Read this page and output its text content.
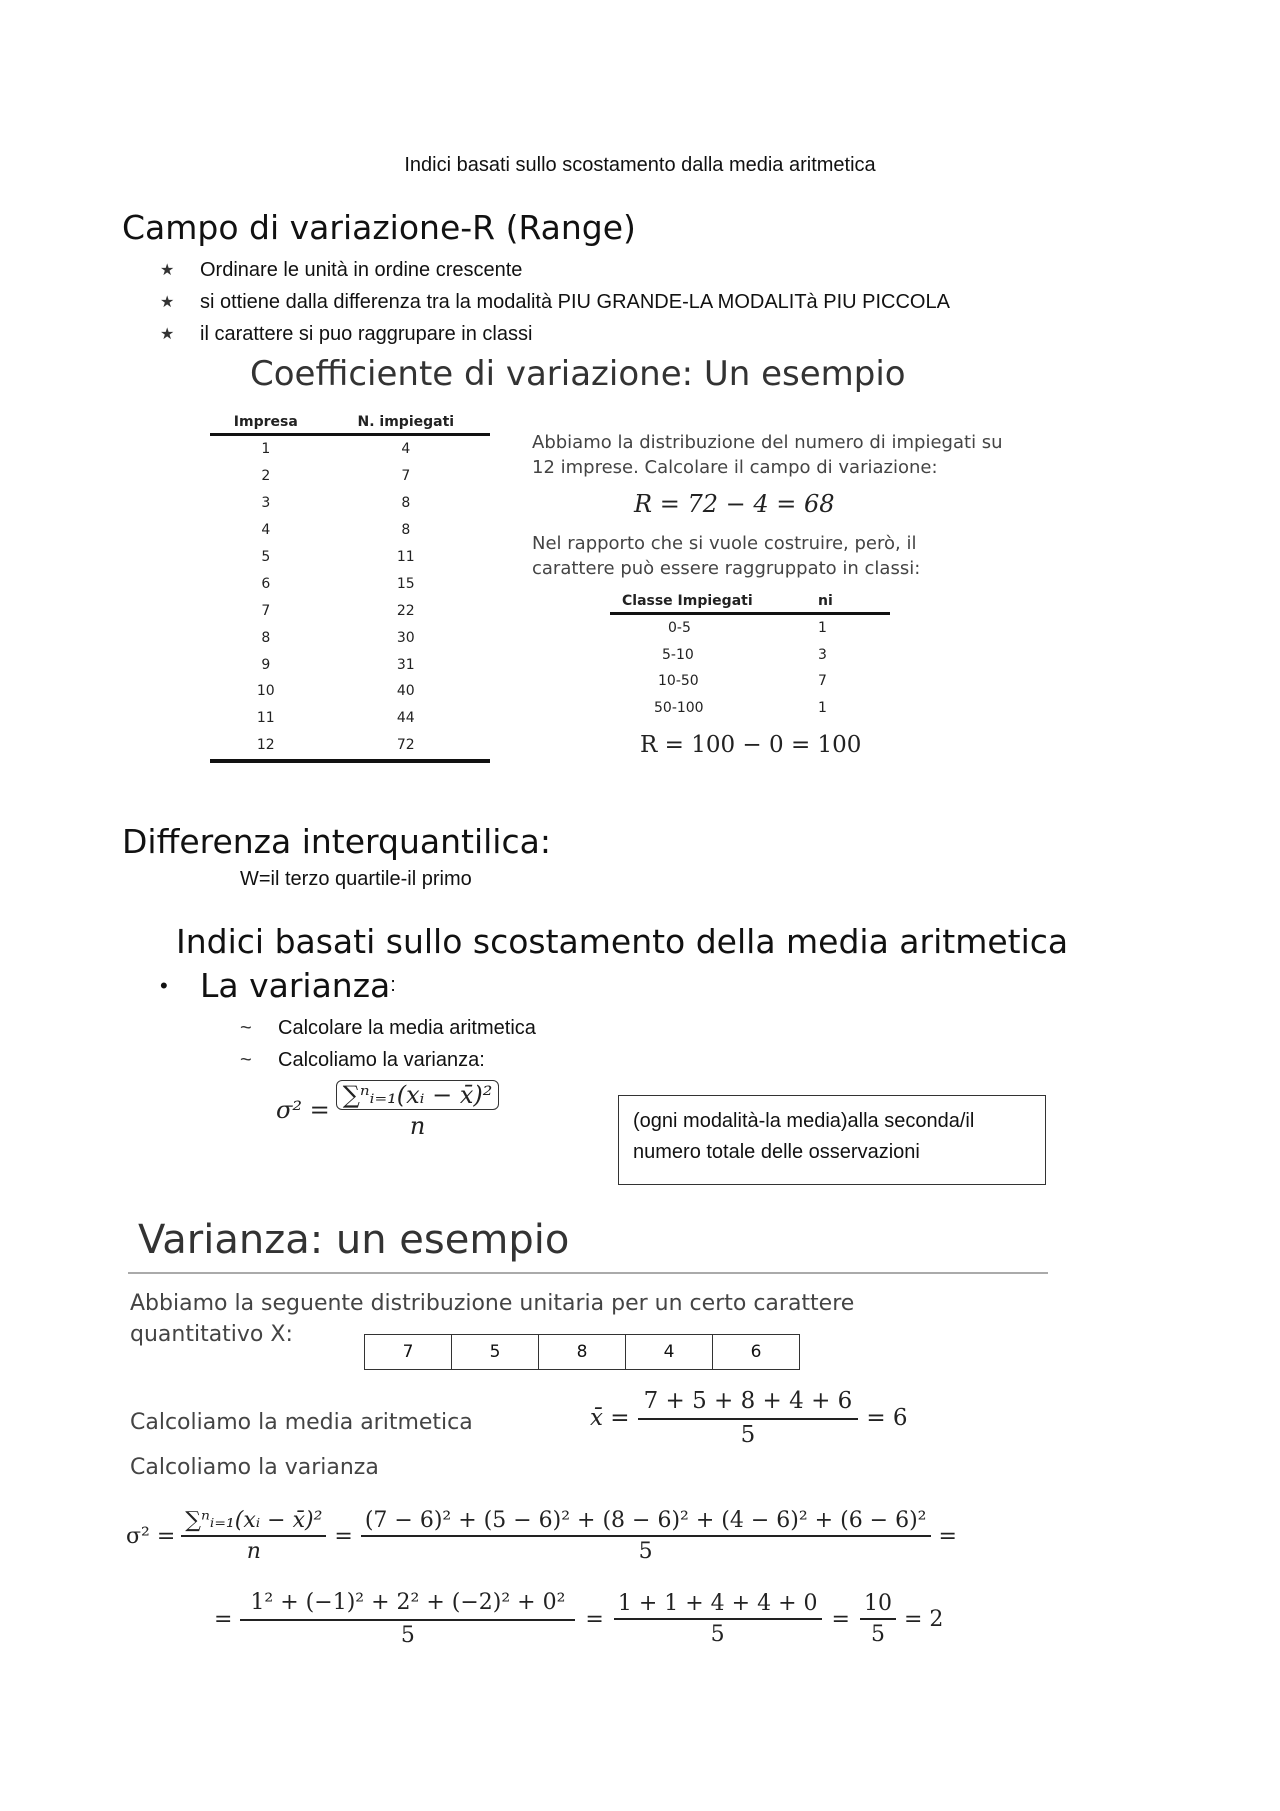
Indici basati sullo scostamento dalla media aritmetica
Campo di variazione-R (Range)
★	Ordinare le unità in ordine crescente
★	si ottiene dalla differenza tra la modalità PIU GRANDE-LA MODALITà PIU PICCOLA
★	il carattere si puo raggrupare in classi
Coefficiente di variazione: Un esempio
Impresa	N. impiegati
1	4
2	7
3	8
4	8
5	11
6	15
7	22
8	30
9	31
10	40
11	44
12	72
Abbiamo la distribuzione del numero di impiegati su 12 imprese. Calcolare il campo di variazione:
R = 72 − 4 = 68
Nel rapporto che si vuole costruire, però, il carattere può essere raggruppato in classi:
Classe Impiegati	ni
0-5	1
5-10	3
10-50	7
50-100	1
R = 100 − 0 = 100
Differenza interquantilica:
W=il terzo quartile-il primo
Indici basati sullo scostamento della media aritmetica
• La varianza :
~	Calcolare la media aritmetica
~	Calcoliamo la varianza:
$\sigma^2 = \frac{\text{∑ⁿᵢ₌₁(xᵢ − x̄)²}}{n}$	(ogni modalità-la media)alla seconda/il numero totale delle osservazioni
Varianza: un esempio
Abbiamo la seguente distribuzione unitaria per un certo carattere quantitativo X:
7	5	8	4	6
Calcoliamo la media aritmetica	x̄ = $\frac{7 + 5 + 8 + 4 + 6}{5} = 6$
Calcoliamo la varianza
$\sigma^2 = \frac{\text{∑ⁿᵢ₌₁(xᵢ − x̄)²}}{n} = \frac{\text{(7 − 6)² + (5 − 6)² + (8 − 6)² + (4 − 6)² + (6 − 6)²}}{5}$ =
= $\frac{\text{1² + (−1)² + 2² + (−2)² + 0²}}{5} = \frac{1 + 1 + 4 + 4 + 0}{5} = \frac{10}{5} = 2$
